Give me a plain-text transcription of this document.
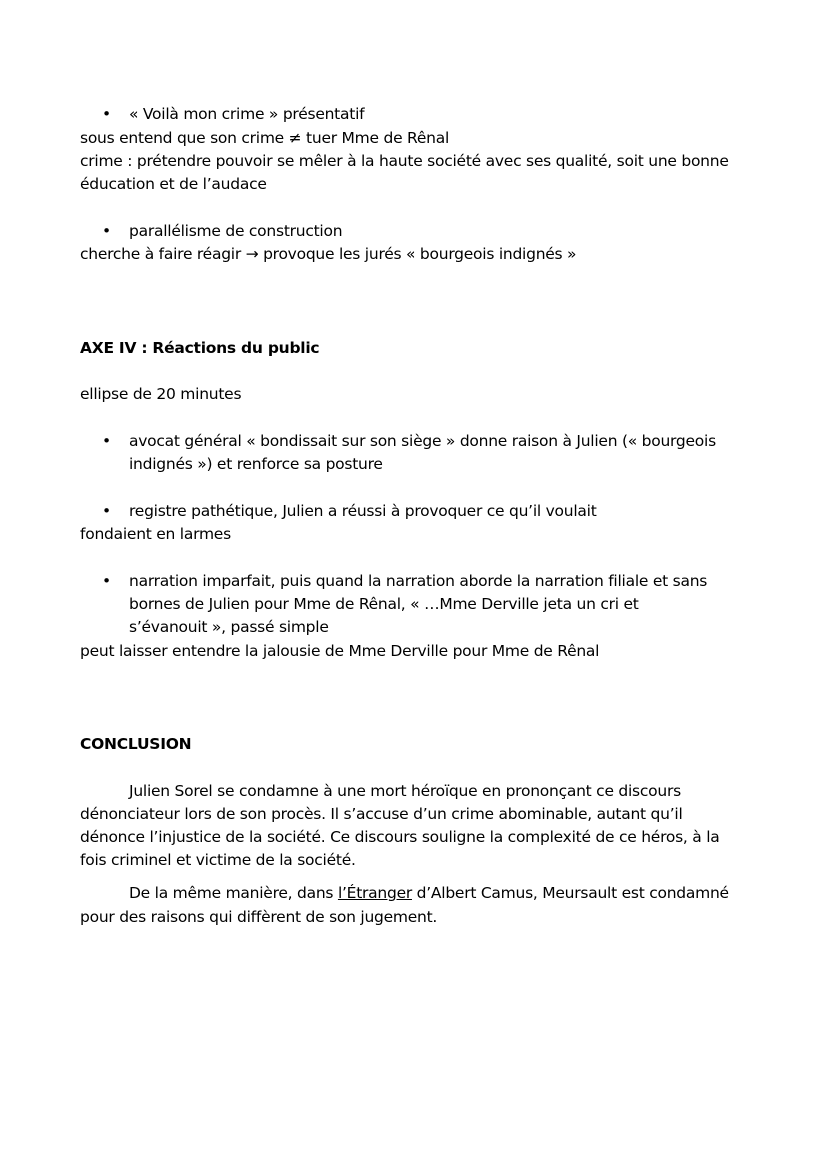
• « Voilà mon crime » présentatif
sous entend que son crime ≠ tuer Mme de Rênal
crime : prétendre pouvoir se mêler à la haute société avec ses qualité, soit une bonne
éducation et de l’audace
• parallélisme de construction
cherche à faire réagir → provoque les jurés « bourgeois indignés »
AXE IV : Réactions du public
ellipse de 20 minutes
• avocat général « bondissait sur son siège » donne raison à Julien (« bourgeois
indignés ») et renforce sa posture
• registre pathétique, Julien a réussi à provoquer ce qu’il voulait
fondaient en larmes
• narration imparfait, puis quand la narration aborde la narration filiale et sans
bornes de Julien pour Mme de Rênal, « …Mme Derville jeta un cri et
s’évanouit », passé simple
peut laisser entendre la jalousie de Mme Derville pour Mme de Rênal
CONCLUSION
Julien Sorel se condamne à une mort héroïque en prononçant ce discours
dénonciateur lors de son procès. Il s’accuse d’un crime abominable, autant qu’il
dénonce l’injustice de la société. Ce discours souligne la complexité de ce héros, à la
fois criminel et victime de la société.
De la même manière, dans l’Étranger d’Albert Camus, Meursault est condamné
pour des raisons qui diffèrent de son jugement.
